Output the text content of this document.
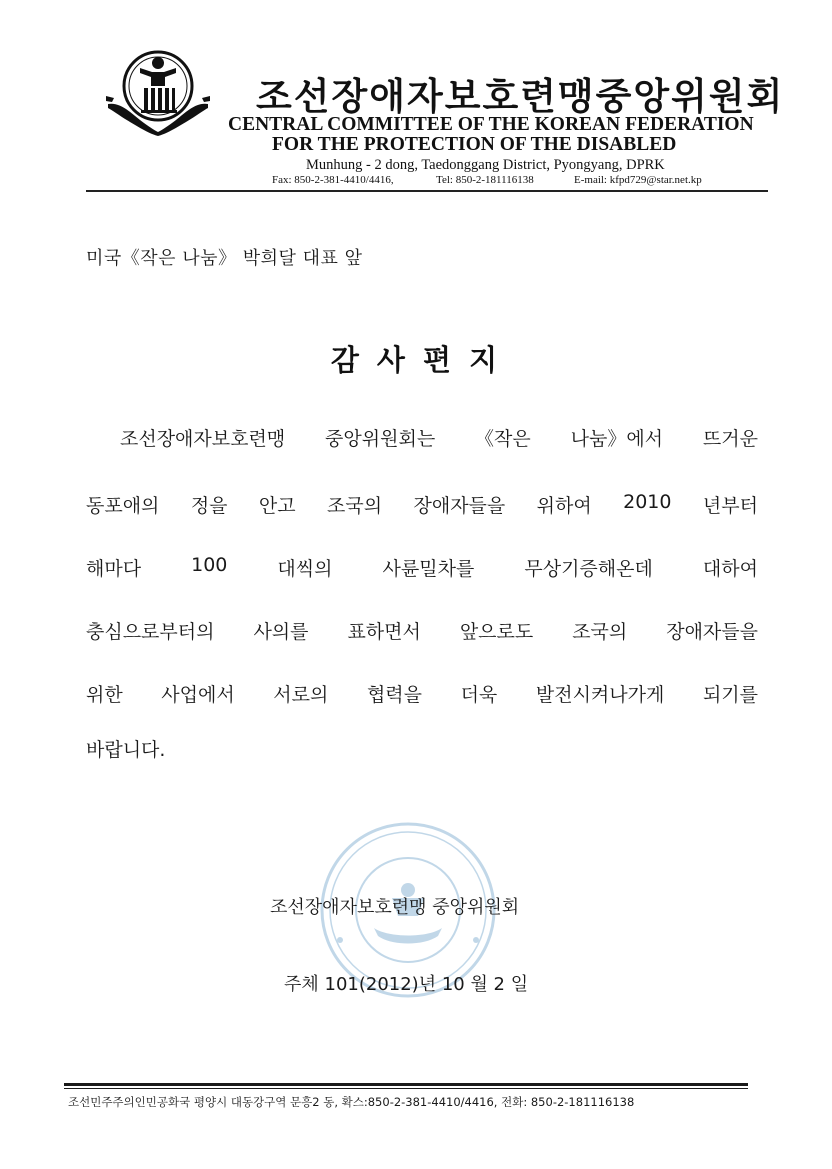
조선장애자보호련맹중앙위원회
CENTRAL COMMITTEE OF THE KOREAN FEDERATION
FOR THE PROTECTION OF THE DISABLED
Munhung - 2 dong, Taedonggang District, Pyongyang, DPRK
Fax: 850-2-381-4410/4416,	Tel: 850-2-181116138	E-mail: kfpd729@star.net.kp
미국《작은 나눔》 박희달 대표 앞
감 사 편 지
조선장애자보호련맹 중앙위원회는 《작은 나눔》에서 뜨거운
동포애의 정을 안고 조국의 장애자들을 위하여 2010 년부터
해마다	100	대씩의	사륜밀차를	무상기증해온데	대하여
충심으로부터의 사의를 표하면서 앞으로도 조국의 장애자들을
위한 사업에서 서로의 협력을 더욱 발전시켜나가게 되기를
바랍니다.
조선장애자보호련맹 중앙위원회
주체 101(2012)년 10 월 2 일
조선민주주의인민공화국 평양시 대동강구역 문흥2 동, 확스:850-2-381-4410/4416, 전화: 850-2-181116138
